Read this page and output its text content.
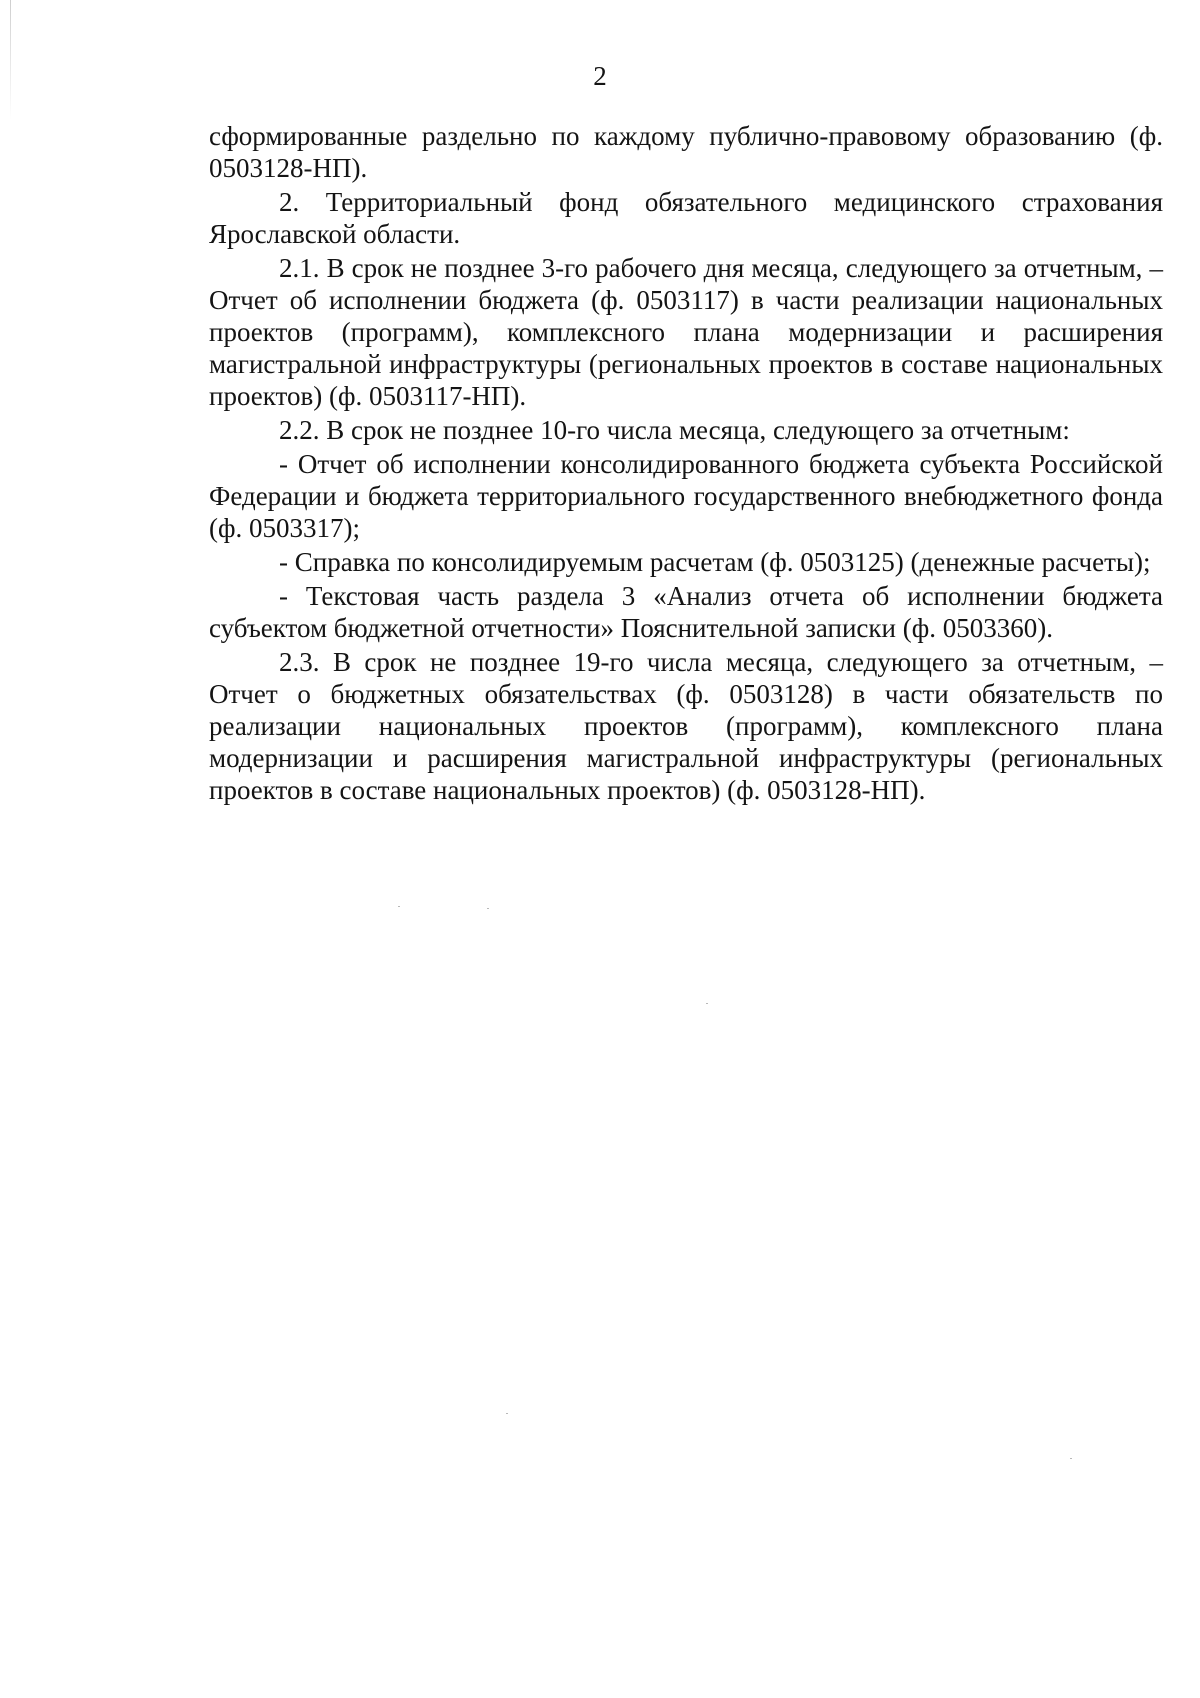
2

сформированные раздельно по каждому публично-правовому образованию (ф. 0503128-НП).

2. Территориальный фонд обязательного медицинского страхования Ярославской области.

2.1. В срок не позднее 3-го рабочего дня месяца, следующего за отчетным, – Отчет об исполнении бюджета (ф. 0503117) в части реализации национальных проектов (программ), комплексного плана модернизации и расширения магистральной инфраструктуры (региональных проектов в составе национальных проектов) (ф. 0503117-НП).

2.2. В срок не позднее 10-го числа месяца, следующего за отчетным:

- Отчет об исполнении консолидированного бюджета субъекта Российской Федерации и бюджета территориального государственного внебюджетного фонда (ф. 0503317);

- Справка по консолидируемым расчетам (ф. 0503125) (денежные расчеты);

- Текстовая часть раздела 3 «Анализ отчета об исполнении бюджета субъектом бюджетной отчетности» Пояснительной записки (ф. 0503360).

2.3. В срок не позднее 19-го числа месяца, следующего за отчетным, – Отчет о бюджетных обязательствах (ф. 0503128) в части обязательств по реализации национальных проектов (программ), комплексного плана модернизации и расширения магистральной инфраструктуры (региональных проектов в составе национальных проектов) (ф. 0503128-НП).
